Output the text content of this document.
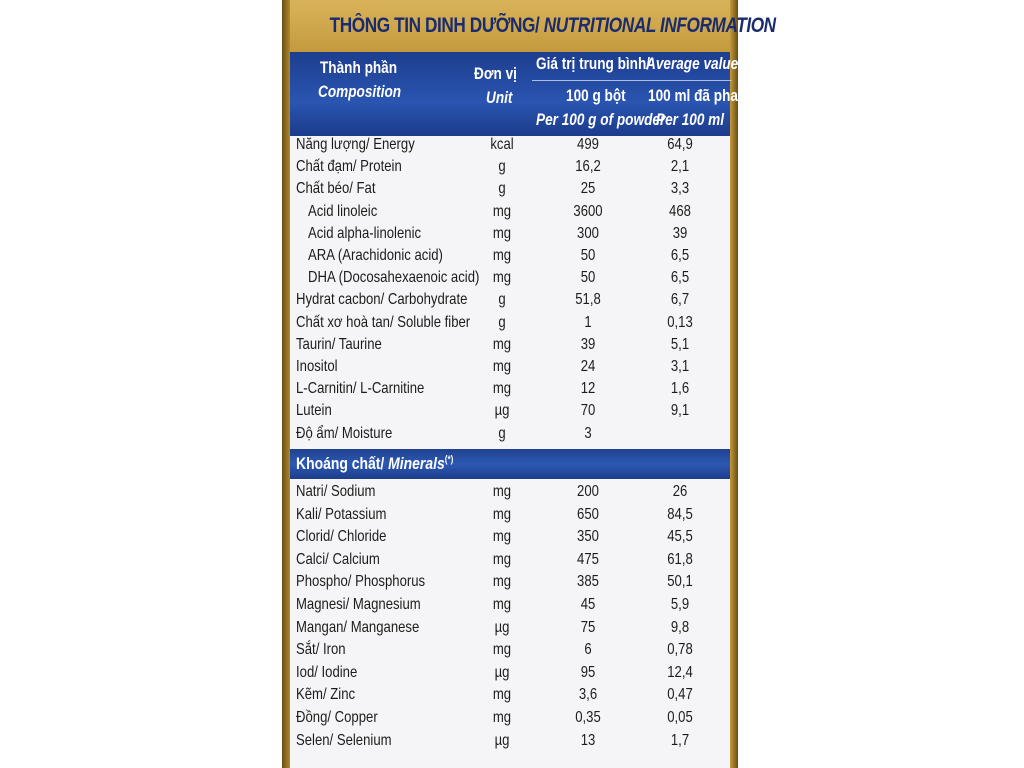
THÔNG TIN DINH DƯỠNG/ NUTRITIONAL INFORMATION
Thành phần
Composition
Đơn vị
Unit
Giá trị trung bình/
Average value
100 g bột
Per 100 g of powder
100 ml đã pha
Per 100 ml
Năng lượng/ Energy	kcal	499	64,9
Chất đạm/ Protein	g	16,2	2,1
Chất béo/ Fat	g	25	3,3
Acid linoleic	mg	3600	468
Acid alpha-linolenic	mg	300	39
ARA (Arachidonic acid)	mg	50	6,5
DHA (Docosahexaenoic acid) mg	50	6,5
Hydrat cacbon/ Carbohydrate	g	51,8	6,7
Chất xơ hoà tan/ Soluble fiber	g	1	0,13
Taurin/ Taurine	mg	39	5,1
Inositol	mg	24	3,1
L-Carnitin/ L-Carnitine	mg	12	1,6
Lutein	µg	70	9,1
Độ ẩm/ Moisture	g	3
Natri/ Sodium	mg	200	26
Kali/ Potassium	mg	650	84,5
Clorid/ Chloride	mg	350	45,5
Calci/ Calcium	mg	475	61,8
Phospho/ Phosphorus	mg	385	50,1
Magnesi/ Magnesium	mg	45	5,9
Mangan/ Manganese	µg	75	9,8
Sắt/ Iron	mg	6	0,78
Iod/ Iodine	µg	95	12,4
Kẽm/ Zinc	mg	3,6	0,47
Đồng/ Copper	mg	0,35	0,05
Selen/ Selenium	µg	13	1,7
Khoáng chất/ Minerals(*)
